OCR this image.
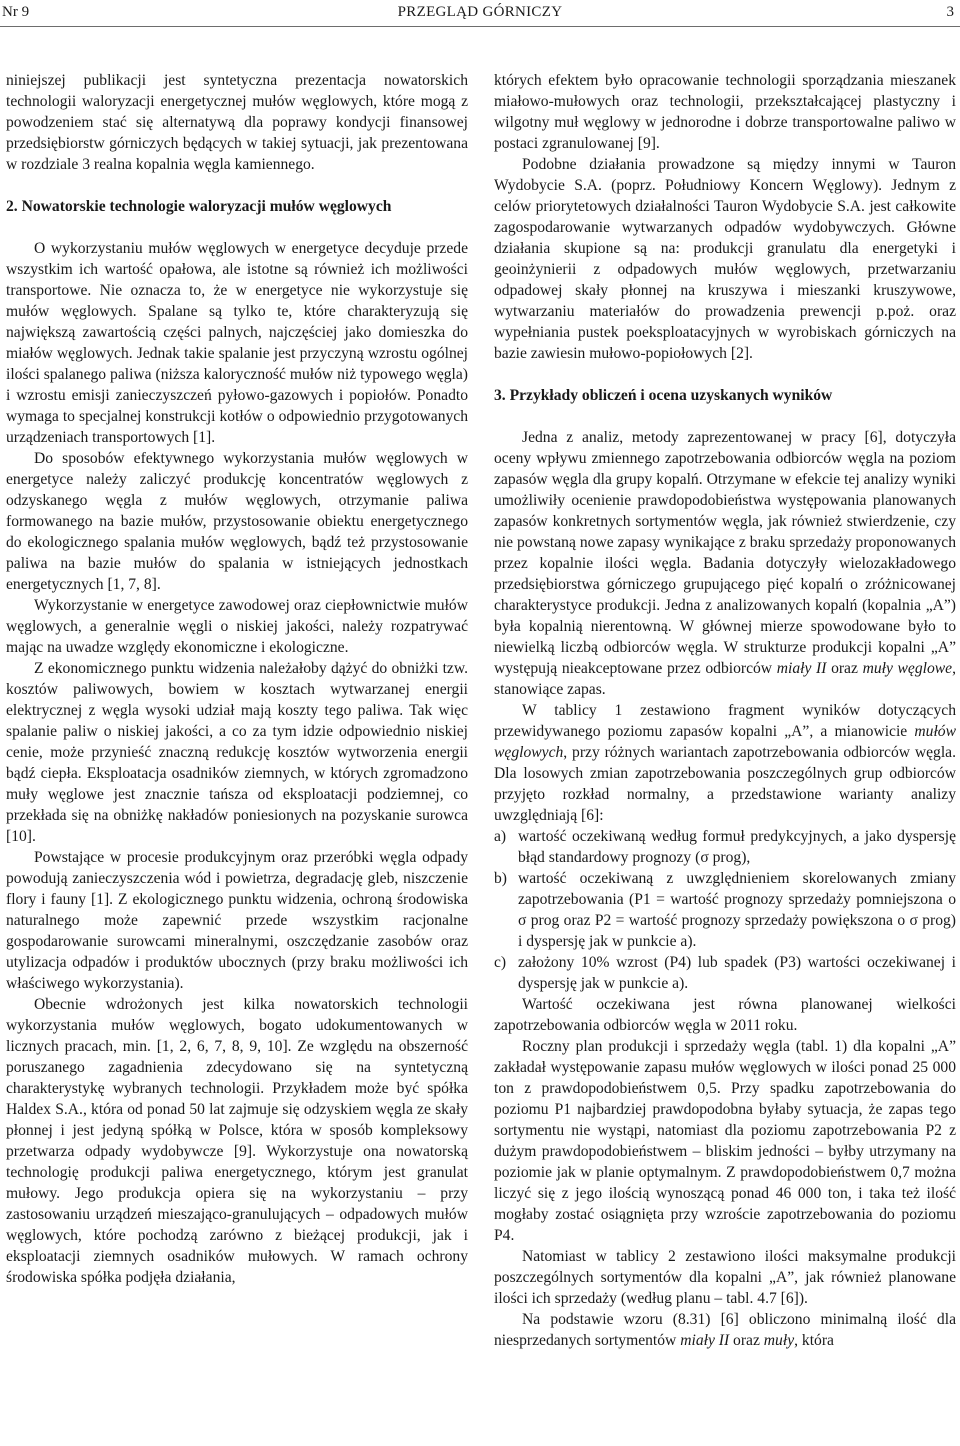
Nr 9	PRZEGLĄD GÓRNICZY	3

niniejszej publikacji jest syntetyczna prezentacja nowatorskich technologii waloryzacji energetycznej mułów węglowych, które mogą z powodzeniem stać się alternatywą dla poprawy kondycji finansowej przedsiębiorstw górniczych będących w takiej sytuacji, jak prezentowana w rozdziale 3 realna kopalnia węgla kamiennego.

2. Nowatorskie technologie waloryzacji mułów węglowych

O wykorzystaniu mułów węglowych w energetyce decyduje przede wszystkim ich wartość opałowa, ale istotne są również ich możliwości transportowe. Nie oznacza to, że w energetyce nie wykorzystuje się mułów węglowych. Spalane są tylko te, które charakteryzują się największą zawartością części palnych, najczęściej jako domieszka do miałów węglowych. Jednak takie spalanie jest przyczyną wzrostu ogólnej ilości spalanego paliwa (niższa kaloryczność mułów niż typowego węgla) i wzrostu emisji zanieczyszczeń pyłowo-gazowych i popiołów. Ponadto wymaga to specjalnej konstrukcji kotłów o odpowiednio przygotowanych urządzeniach transportowych [1].

Do sposobów efektywnego wykorzystania mułów węglowych w energetyce należy zaliczyć produkcję koncentratów węglowych z odzyskanego węgla z mułów węglowych, otrzymanie paliwa formowanego na bazie mułów, przystosowanie obiektu energetycznego do ekologicznego spalania mułów węglowych, bądź też przystosowanie paliwa na bazie mułów do spalania w istniejących jednostkach energetycznych [1, 7, 8].

Wykorzystanie w energetyce zawodowej oraz ciepłownictwie mułów węglowych, a generalnie węgli o niskiej jakości, należy rozpatrywać mając na uwadze względy ekonomiczne i ekologiczne.

Z ekonomicznego punktu widzenia należałoby dążyć do obniżki tzw. kosztów paliwowych, bowiem w kosztach wytwarzanej energii elektrycznej z węgla wysoki udział mają koszty tego paliwa. Tak więc spalanie paliw o niskiej jakości, a co za tym idzie odpowiednio niskiej cenie, może przynieść znaczną redukcję kosztów wytworzenia energii bądź ciepła. Eksploatacja osadników ziemnych, w których zgromadzono muły węglowe jest znacznie tańsza od eksploatacji podziemnej, co przekłada się na obniżkę nakładów poniesionych na pozyskanie surowca [10].

Powstające w procesie produkcyjnym oraz przeróbki węgla odpady powodują zanieczyszczenia wód i powietrza, degradację gleb, niszczenie flory i fauny [1]. Z ekologicznego punktu widzenia, ochroną środowiska naturalnego może zapewnić przede wszystkim racjonalne gospodarowanie surowcami mineralnymi, oszczędzanie zasobów oraz utylizacja odpadów i produktów ubocznych (przy braku możliwości ich właściwego wykorzystania).

Obecnie wdrożonych jest kilka nowatorskich technologii wykorzystania mułów węglowych, bogato udokumentowanych w licznych pracach, min. [1, 2, 6, 7, 8, 9, 10]. Ze względu na obszerność poruszanego zagadnienia zdecydowano się na syntetyczną charakterystykę wybranych technologii. Przykładem może być spółka Haldex S.A., która od ponad 50 lat zajmuje się odzyskiem węgla ze skały płonnej i jest jedyną spółką w Polsce, która w sposób kompleksowy przetwarza odpady wydobywcze [9]. Wykorzystuje ona nowatorską technologię produkcji paliwa energetycznego, którym jest granulat mułowy. Jego produkcja opiera się na wykorzystaniu – przy zastosowaniu urządzeń mieszająco-granulujących – odpadowych mułów węglowych, które pochodzą zarówno z bieżącej produkcji, jak i eksploatacji ziemnych osadników mułowych. W ramach ochrony środowiska spółka podjęła działania,

których efektem było opracowanie technologii sporządzania mieszanek miałowo-mułowych oraz technologii, przekształcającej plastyczny i wilgotny muł węglowy w jednorodne i dobrze transportowalne paliwo w postaci zgranulowanej [9].

Podobne działania prowadzone są między innymi w Tauron Wydobycie S.A. (poprz. Południowy Koncern Węglowy). Jednym z celów priorytetowych działalności Tauron Wydobycie S.A. jest całkowite zagospodarowanie wytwarzanych odpadów wydobywczych. Główne działania skupione są na: produkcji granulatu dla energetyki i geoinżynierii z odpadowych mułów węglowych, przetwarzaniu odpadowej skały płonnej na kruszywa i mieszanki kruszywowe, wytwarzaniu materiałów do prowadzenia prewencji p.poż. oraz wypełniania pustek poeksploatacyjnych w wyrobiskach górniczych na bazie zawiesin mułowo-popiołowych [2].

3. Przykłady obliczeń i ocena uzyskanych wyników

Jedna z analiz, metody zaprezentowanej w pracy [6], dotyczyła oceny wpływu zmiennego zapotrzebowania odbiorców węgla na poziom zapasów węgla dla grupy kopalń. Otrzymane w efekcie tej analizy wyniki umożliwiły ocenienie prawdopodobieństwa występowania planowanych zapasów konkretnych sortymentów węgla, jak również stwierdzenie, czy nie powstaną nowe zapasy wynikające z braku sprzedaży proponowanych przez kopalnie ilości węgla. Badania dotyczyły wielozakładowego przedsiębiorstwa górniczego grupującego pięć kopalń o zróżnicowanej charakterystyce produkcji. Jedna z analizowanych kopalń (kopalnia „A”) była kopalnią nierentowną. W głównej mierze spowodowane było to niewielką liczbą odbiorców węgla. W strukturze produkcji kopalni „A” występują nieakceptowane przez odbiorców miały II oraz muły węglowe, stanowiące zapas.

W tablicy 1 zestawiono fragment wyników dotyczących przewidywanego poziomu zapasów kopalni „A”, a mianowicie mułów węglowych, przy różnych wariantach zapotrzebowania odbiorców węgla. Dla losowych zmian zapotrzebowania poszczególnych grup odbiorców przyjęto rozkład normalny, a przedstawione warianty analizy uwzględniają [6]:

a) wartość oczekiwaną według formuł predykcyjnych, a jako dyspersję błąd standardowy prognozy (σ prog),
b) wartość oczekiwaną z uwzględnieniem skorelowanych zmiany zapotrzebowania (P1 = wartość prognozy sprzedaży pomniejszona o σ prog oraz P2 = wartość prognozy sprzedaży powiększona o σ prog) i dyspersję jak w punkcie a).
c) założony 10% wzrost (P4) lub spadek (P3) wartości oczekiwanej i dyspersję jak w punkcie a).

Wartość oczekiwana jest równa planowanej wielkości zapotrzebowania odbiorców węgla w 2011 roku.

Roczny plan produkcji i sprzedaży węgla (tabl. 1) dla kopalni „A” zakładał występowanie zapasu mułów węglowych w ilości ponad 25 000 ton z prawdopodobieństwem 0,5. Przy spadku zapotrzebowania do poziomu P1 najbardziej prawdopodobna byłaby sytuacja, że zapas tego sortymentu nie wystąpi, natomiast dla poziomu zapotrzebowania P2 z dużym prawdopodobieństwem – bliskim jedności – byłby utrzymany na poziomie jak w planie optymalnym. Z prawdopodobieństwem 0,7 można liczyć się z jego ilością wynoszącą ponad 46 000 ton, i taka też ilość mogłaby zostać osiągnięta przy wzroście zapotrzebowania do poziomu P4.

Natomiast w tablicy 2 zestawiono ilości maksymalne produkcji poszczególnych sortymentów dla kopalni „A”, jak również planowane ilości ich sprzedaży (według planu – tabl. 4.7 [6]).

Na podstawie wzoru (8.31) [6] obliczono minimalną ilość dla niesprzedanych sortymentów miały II oraz muły, która
